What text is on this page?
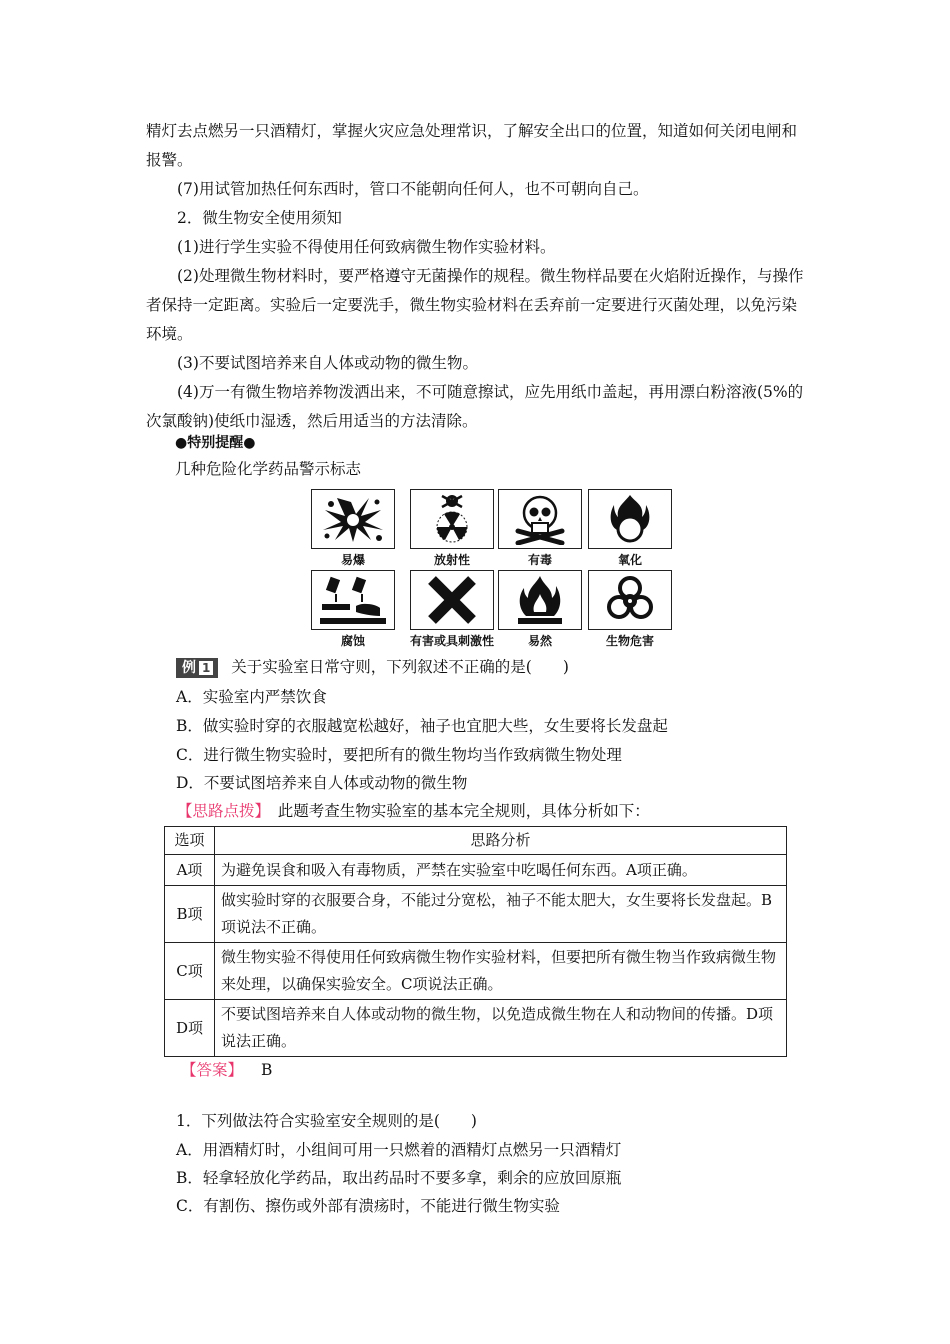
精灯去点燃另一只酒精灯，掌握火灾应急处理常识，了解安全出口的位置，知道如何关闭电闸和报警。

(7)用试管加热任何东西时，管口不能朝向任何人，也不可朝向自己。

2．微生物安全使用须知

(1)进行学生实验不得使用任何致病微生物作实验材料。

(2)处理微生物材料时，要严格遵守无菌操作的规程。微生物样品要在火焰附近操作，与操作者保持一定距离。实验后一定要洗手，微生物实验材料在丢弃前一定要进行灭菌处理，以免污染环境。

(3)不要试图培养来自人体或动物的微生物。

(4)万一有微生物培养物泼洒出来，不可随意擦试，应先用纸巾盖起，再用漂白粉溶液(5%的次氯酸钠)使纸巾湿透，然后用适当的方法清除。

●特别提醒●

几种危险化学药品警示标志

易爆	放射性	有毒	氧化
腐蚀	有害或具刺激性	易然	生物危害
例 1 关于实验室日常守则，下列叙述不正确的是(　　)

A．实验室内严禁饮食

B．做实验时穿的衣服越宽松越好，袖子也宜肥大些，女生要将长发盘起

C．进行微生物实验时，要把所有的微生物均当作致病微生物处理

D．不要试图培养来自人体或动物的微生物

【思路点拨】　此题考查生物实验室的基本完全规则，具体分析如下：

选项	思路分析
A项	为避免误食和吸入有毒物质，严禁在实验室中吃喝任何东西。A项正确。
B项	做实验时穿的衣服要合身，不能过分宽松，袖子不能太肥大，女生要将长发盘起。B项说法不正确。
C项	微生物实验不得使用任何致病微生物作实验材料，但要把所有微生物当作致病微生物来处理，以确保实验安全。C项说法正确。
D项	不要试图培养来自人体或动物的微生物，以免造成微生物在人和动物间的传播。D项说法正确。

【答案】 B

1．下列做法符合实验室安全规则的是(　　)

A．用酒精灯时，小组间可用一只燃着的酒精灯点燃另一只酒精灯

B．轻拿轻放化学药品，取出药品时不要多拿，剩余的应放回原瓶

C．有割伤、擦伤或外部有溃疡时，不能进行微生物实验
